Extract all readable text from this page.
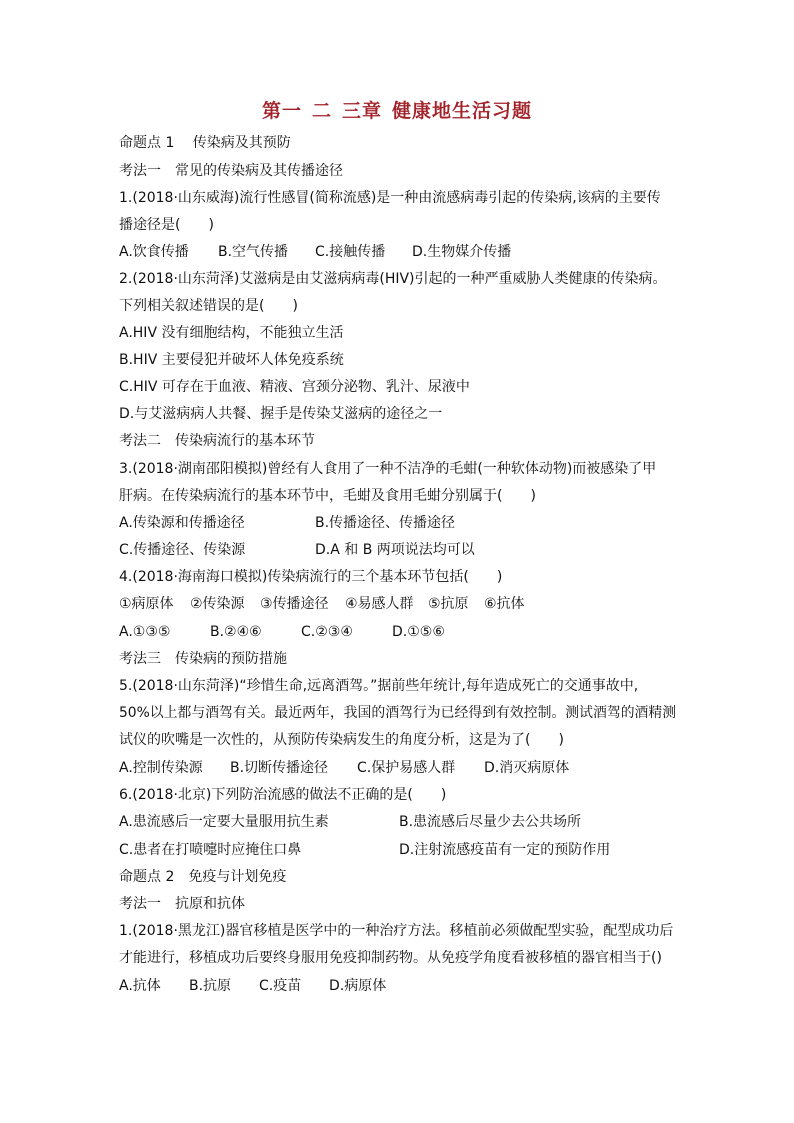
第一 二 三章 健康地生活习题
命题点 1　 传染病及其预防
考法一　常见的传染病及其传播途径
1.(2018·山东威海)流行性感冒(简称流感)是一种由流感病毒引起的传染病,该病的主要传
播途径是(　　)
A.饮食传播 B.空气传播 C.接触传播 D.生物媒介传播
2.(2018·山东菏泽)艾滋病是由艾滋病病毒(HIV)引起的一种严重威胁人类健康的传染病。
下列相关叙述错误的是(　　)
A.HIV 没有细胞结构，不能独立生活
B.HIV 主要侵犯并破坏人体免疫系统
C.HIV 可存在于血液、精液、宫颈分泌物、乳汁、尿液中
D.与艾滋病病人共餐、握手是传染艾滋病的途径之一
考法二　传染病流行的基本环节
3.(2018·湖南邵阳模拟)曾经有人食用了一种不洁净的毛蚶(一种软体动物)而被感染了甲
肝病。在传染病流行的基本环节中，毛蚶及食用毛蚶分别属于(　　)
A.传染源和传播途径	B.传播途径、传播途径
C.传播途径、传染源	D.A 和 B 两项说法均可以
4.(2018·海南海口模拟)传染病流行的三个基本环节包括(　　)
①病原体 ②传染源 ③传播途径 ④易感人群 ⑤抗原 ⑥抗体
A.①③⑤	B.②④⑥	C.②③④	D.①⑤⑥
考法三　传染病的预防措施
5.(2018·山东菏泽)“珍惜生命,远离酒驾。”据前些年统计,每年造成死亡的交通事故中,
50%以上都与酒驾有关。最近两年，我国的酒驾行为已经得到有效控制。测试酒驾的酒精测
试仪的吹嘴是一次性的，从预防传染病发生的角度分析，这是为了(　　)
A.控制传染源 B.切断传播途径 C.保护易感人群 D.消灭病原体
6.(2018·北京)下列防治流感的做法不正确的是(　　)
A.患流感后一定要大量服用抗生素	B.患流感后尽量少去公共场所
C.患者在打喷嚏时应掩住口鼻	D.注射流感疫苗有一定的预防作用
命题点 2　免疫与计划免疫
考法一　抗原和抗体
1.(2018·黑龙江)器官移植是医学中的一种治疗方法。移植前必须做配型实验，配型成功后
才能进行，移植成功后要终身服用免疫抑制药物。从免疫学角度看被移植的器官相当于()
A.抗体 B.抗原 C.疫苗 D.病原体
